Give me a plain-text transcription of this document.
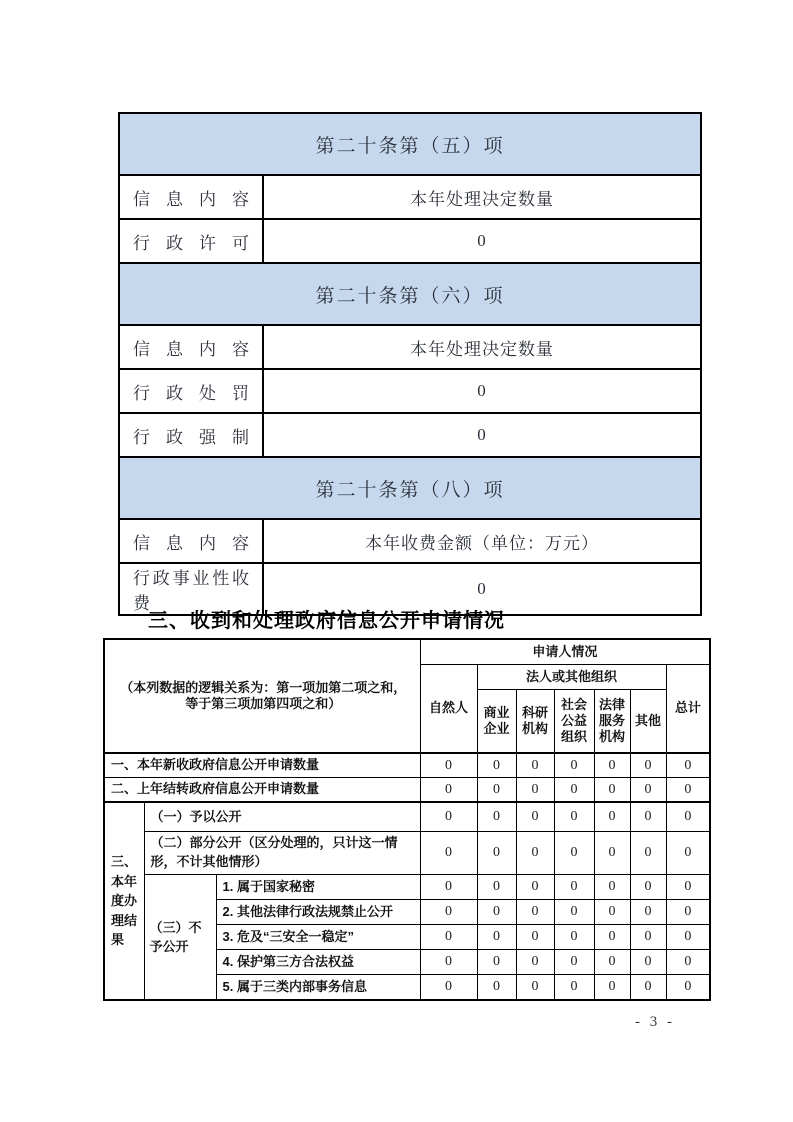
第二十条第（五）项	
信息内容	本年处理决定数量
行政许可	0
第二十条第（六）项	
信息内容	本年处理决定数量
行政处罚	0
行政强制	0
第二十条第（八）项	
信息内容	本年收费金额（单位：万元）
行政事业性收费	0
三、收到和处理政府信息公开申请情况
（本列数据的逻辑关系为：第一项加第二项之和，
等于第三项加第四项之和）			申请人情况						
			自然人	法人或其他组织					总计
				商业企业	科研机构	社会公益组织	法律服务机构	其他	
一、本年新收政府信息公开申请数量			0	0	0	0	0	0	0
二、上年结转政府信息公开申请数量			0	0	0	0	0	0	0
三、本年度办理结果	（一）予以公开		0	0	0	0	0	0	0
	（二）部分公开（区分处理的，只计这一情形，不计其他情形）		0	0	0	0	0	0	0
	（三）不予公开	1. 属于国家秘密	0	0	0	0	0	0	0
		2. 其他法律行政法规禁止公开	0	0	0	0	0	0	0
		3. 危及“三安全一稳定”	0	0	0	0	0	0	0
		4. 保护第三方合法权益	0	0	0	0	0	0	0
		5. 属于三类内部事务信息	0	0	0	0	0	0	0
- 3 -
